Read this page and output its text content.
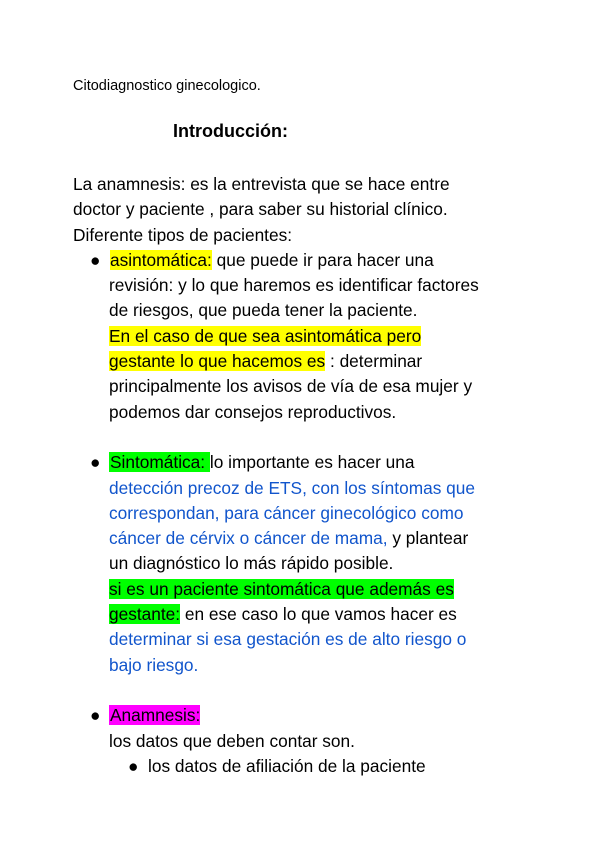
Citodiagnostico ginecologico.
Introducción:
La anamnesis: es la entrevista que se hace entre
doctor y paciente , para saber su historial clínico.
Diferente tipos de pacientes:
● asintomática: que puede ir para hacer una
revisión: y lo que haremos es identificar factores
de riesgos, que pueda tener la paciente.
En el caso de que sea asintomática pero
gestante lo que hacemos es : determinar
principalmente los avisos de vía de esa mujer y
podemos dar consejos reproductivos.
● Sintomática: lo importante es hacer una
detección precoz de ETS, con los síntomas que
correspondan, para cáncer ginecológico como
cáncer de cérvix o cáncer de mama, y plantear
un diagnóstico lo más rápido posible.
si es un paciente sintomática que además es
gestante: en ese caso lo que vamos hacer es
determinar si esa gestación es de alto riesgo o
bajo riesgo.
● Anamnesis:
los datos que deben contar son.
● los datos de afiliación de la paciente
